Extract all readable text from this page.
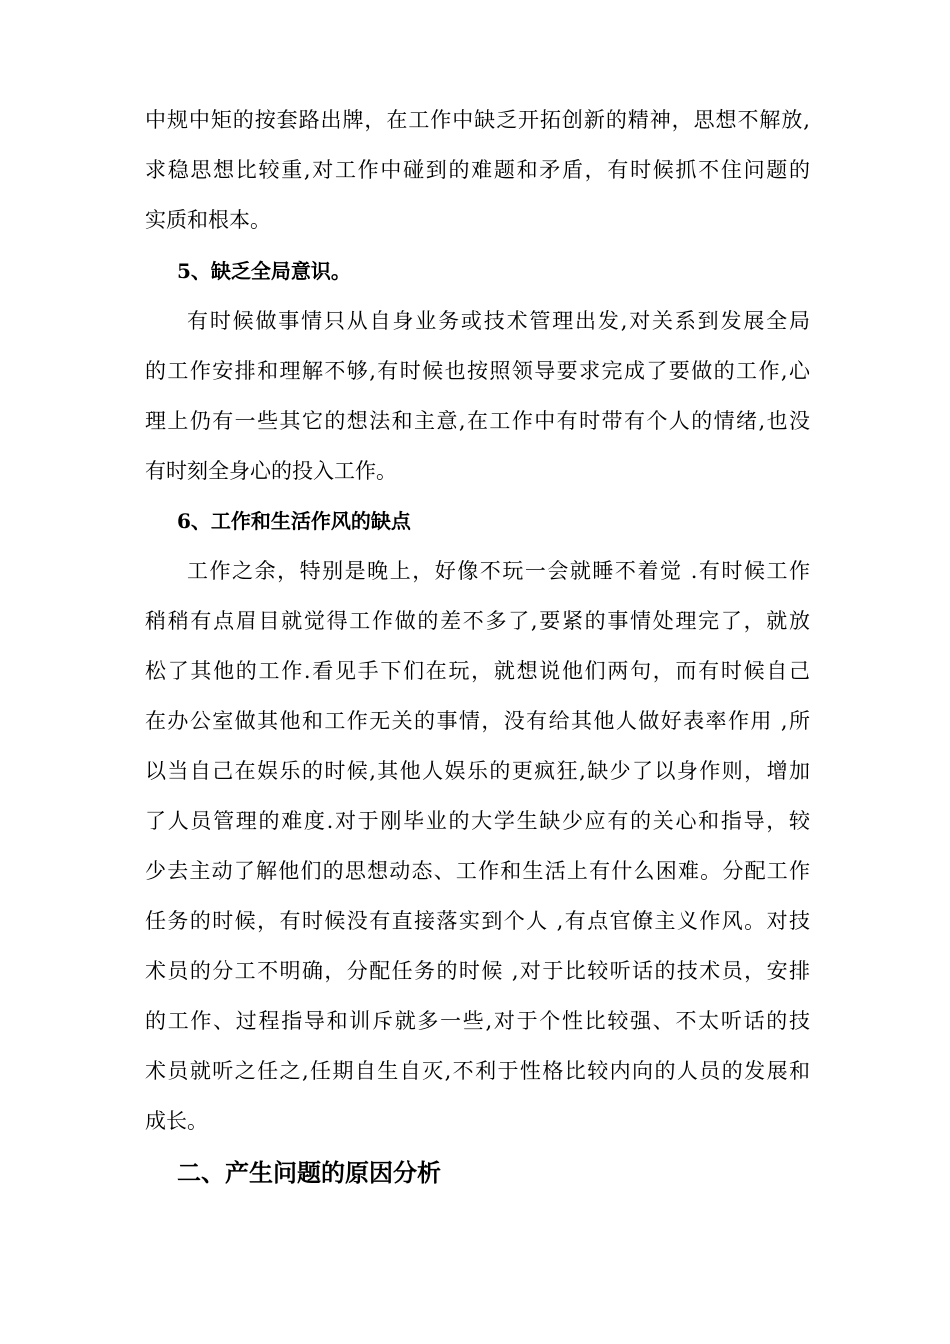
中规中矩的按套路出牌，在工作中缺乏开拓创新的精神，思想不解放,
求稳思想比较重,对工作中碰到的难题和矛盾，有时候抓不住问题的
实质和根本。
5、缺乏全局意识。
有时候做事情只从自身业务或技术管理出发,对关系到发展全局
的工作安排和理解不够,有时候也按照领导要求完成了要做的工作,心
理上仍有一些其它的想法和主意,在工作中有时带有个人的情绪,也没
有时刻全身心的投入工作。
6、工作和生活作风的缺点
工作之余，特别是晚上，好像不玩一会就睡不着觉 .有时候工作
稍稍有点眉目就觉得工作做的差不多了,要紧的事情处理完了，就放
松了其他的工作.看见手下们在玩，就想说他们两句，而有时候自己
在办公室做其他和工作无关的事情，没有给其他人做好表率作用 ,所
以当自己在娱乐的时候,其他人娱乐的更疯狂,缺少了以身作则，增加
了人员管理的难度.对于刚毕业的大学生缺少应有的关心和指导，较
少去主动了解他们的思想动态、工作和生活上有什么困难。分配工作
任务的时候，有时候没有直接落实到个人 ,有点官僚主义作风。对技
术员的分工不明确，分配任务的时候 ,对于比较听话的技术员，安排
的工作、过程指导和训斥就多一些,对于个性比较强、不太听话的技
术员就听之任之,任期自生自灭,不利于性格比较内向的人员的发展和
成长。
二、产生问题的原因分析
